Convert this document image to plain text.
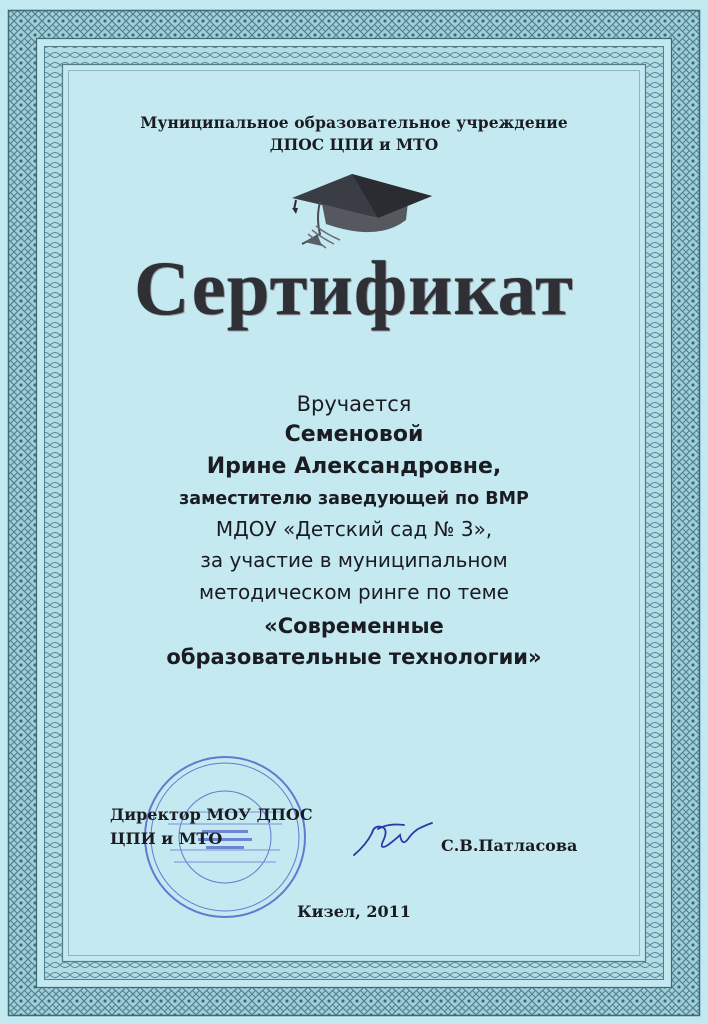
Муниципальное образовательное учреждение
ДПОС ЦПИ и МТО
Сертификат
Вручается
Семеновой
Ирине Александровне,
заместителю заведующей по ВМР
МДОУ «Детский сад № 3»,
за участие в муниципальном
методическом ринге по теме
«Современные
образовательные технологии»
Директор МОУ ДПОС
ЦПИ и МТО	С.В.Патласова
Кизел, 2011
